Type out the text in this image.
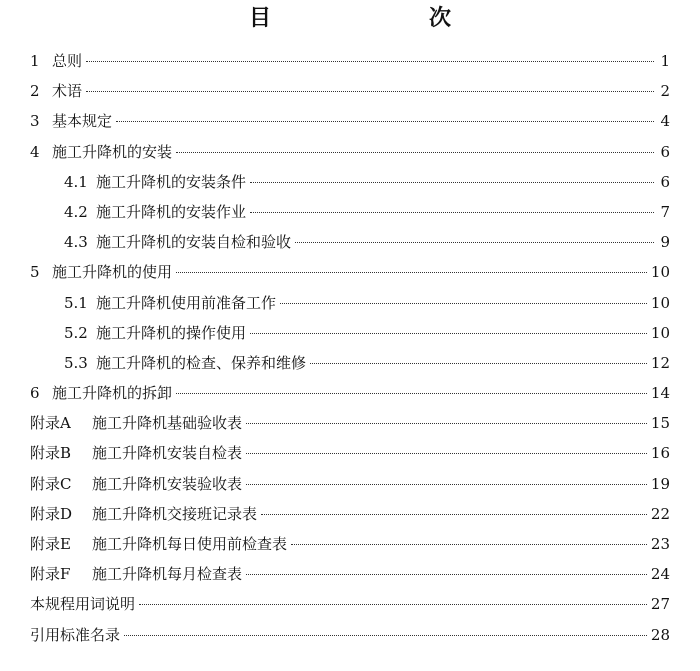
目　　次
1 总则	1
2 术语	2
3 基本规定	4
4 施工升降机的安装	6
4.1 施工升降机的安装条件	6
4.2 施工升降机的安装作业	7
4.3 施工升降机的安装自检和验收	9
5 施工升降机的使用	10
5.1 施工升降机使用前准备工作	10
5.2 施工升降机的操作使用	10
5.3 施工升降机的检查、保养和维修	12
6 施工升降机的拆卸	14
附录A	施工升降机基础验收表	15
附录B	施工升降机安装自检表	16
附录C	施工升降机安装验收表	19
附录D	施工升降机交接班记录表	22
附录E	施工升降机每日使用前检查表	23
附录F	施工升降机每月检查表	24
本规程用词说明	27
引用标准名录	28
